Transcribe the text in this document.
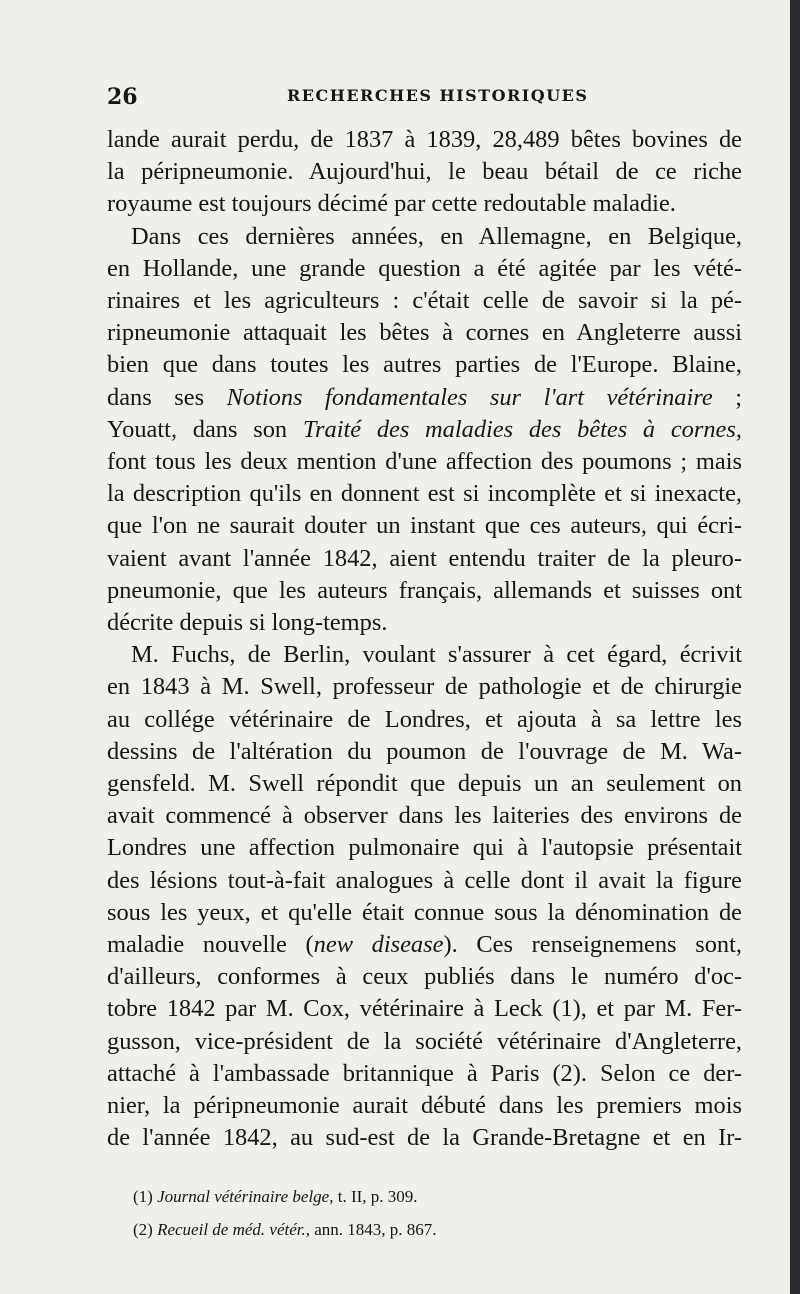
26	RECHERCHES HISTORIQUES
lande aurait perdu, de 1837 à 1839, 28,489 bêtes bovines de
la péripneumonie. Aujourd'hui, le beau bétail de ce riche
royaume est toujours décimé par cette redoutable maladie.
Dans ces dernières années, en Allemagne, en Belgique,
en Hollande, une grande question a été agitée par les vété-
rinaires et les agriculteurs : c'était celle de savoir si la pé-
ripneumonie attaquait les bêtes à cornes en Angleterre aussi
bien que dans toutes les autres parties de l'Europe. Blaine,
dans ses Notions fondamentales sur l'art vétérinaire ;
Youatt, dans son Traité des maladies des bêtes à cornes,
font tous les deux mention d'une affection des poumons ; mais
la description qu'ils en donnent est si incomplète et si inexacte,
que l'on ne saurait douter un instant que ces auteurs, qui écri-
vaient avant l'année 1842, aient entendu traiter de la pleuro-
pneumonie, que les auteurs français, allemands et suisses ont
décrite depuis si long-temps.
M. Fuchs, de Berlin, voulant s'assurer à cet égard, écrivit
en 1843 à M. Swell, professeur de pathologie et de chirurgie
au collége vétérinaire de Londres, et ajouta à sa lettre les
dessins de l'altération du poumon de l'ouvrage de M. Wa-
gensfeld. M. Swell répondit que depuis un an seulement on
avait commencé à observer dans les laiteries des environs de
Londres une affection pulmonaire qui à l'autopsie présentait
des lésions tout-à-fait analogues à celle dont il avait la figure
sous les yeux, et qu'elle était connue sous la dénomination de
maladie nouvelle (new disease). Ces renseignemens sont,
d'ailleurs, conformes à ceux publiés dans le numéro d'oc-
tobre 1842 par M. Cox, vétérinaire à Leck (1), et par M. Fer-
gusson, vice-président de la société vétérinaire d'Angleterre,
attaché à l'ambassade britannique à Paris (2). Selon ce der-
nier, la péripneumonie aurait débuté dans les premiers mois
de l'année 1842, au sud-est de la Grande-Bretagne et en Ir-
(1) Journal vétérinaire belge, t. II, p. 309.
(2) Recueil de méd. vétér., ann. 1843, p. 867.
